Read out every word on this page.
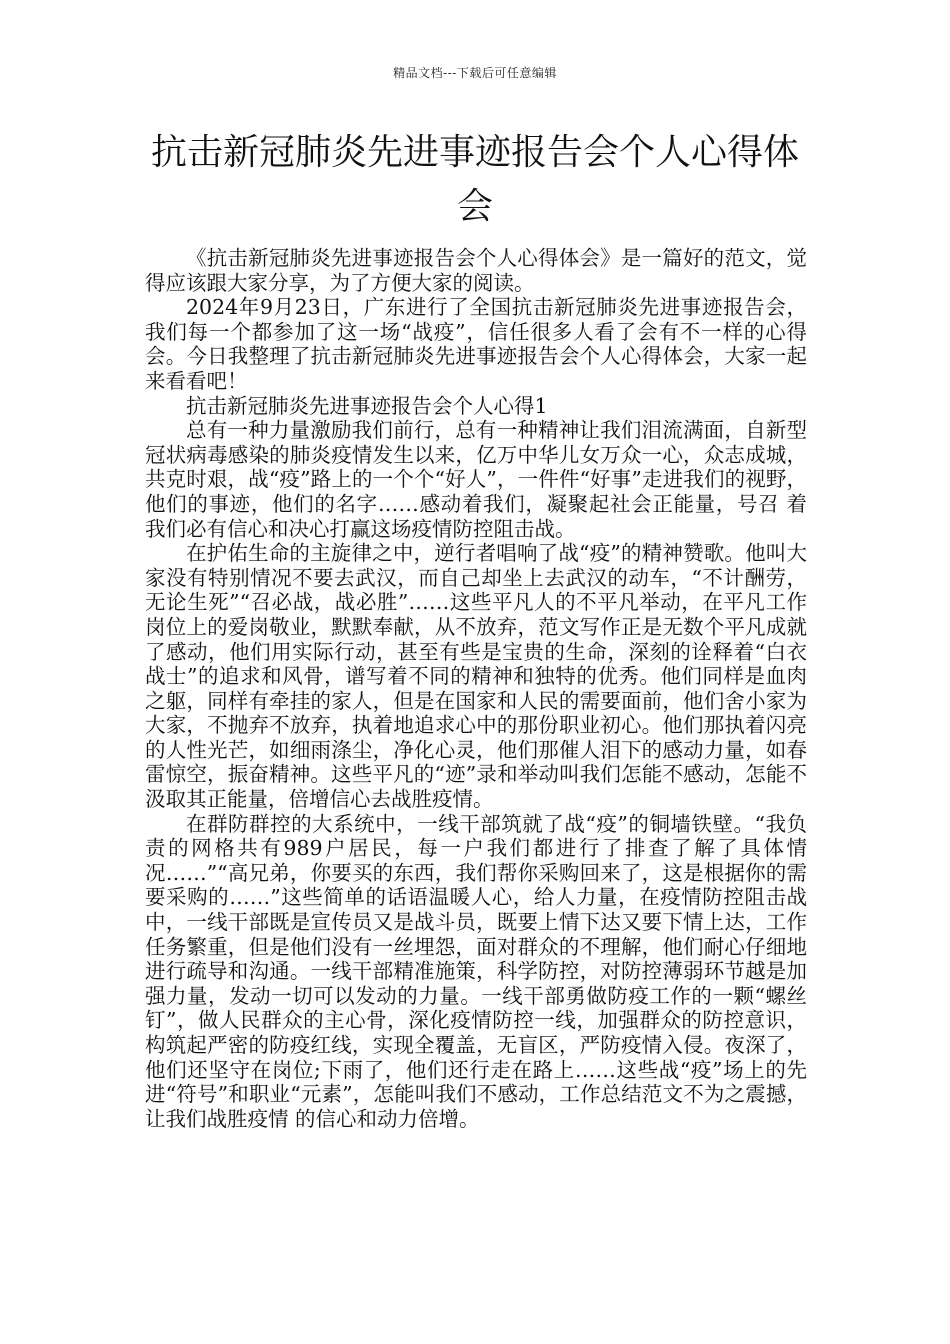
精品文档---下载后可任意编辑
抗击新冠肺炎先进事迹报告会个人心得体会

《抗击新冠肺炎先进事迹报告会个人心得体会》是一篇好的范文，觉得应该跟大家分享，为了方便大家的阅读。

2024年9月23日，广东进行了全国抗击新冠肺炎先进事迹报告会，我们每一个都参加了这一场“战疫”，信任很多人看了会有不一样的心得会。今日我整理了抗击新冠肺炎先进事迹报告会个人心得体会，大家一起来看看吧！

抗击新冠肺炎先进事迹报告会个人心得1

总有一种力量激励我们前行，总有一种精神让我们泪流满面，自新型冠状病毒感染的肺炎疫情发生以来，亿万中华儿女万众一心，众志成城，共克时艰，战“疫”路上的一个个“好人”，一件件“好事”走进我们的视野，他们的事迹，他们的名字……感动着我们，凝聚起社会正能量，号召 着我们必有信心和决心打赢这场疫情防控阻击战。

在护佑生命的主旋律之中，逆行者唱响了战“疫”的精神赞歌。他叫大家没有特别情况不要去武汉，而自己却坐上去武汉的动车，“不计酬劳，无论生死”“召必战，战必胜”……这些平凡人的不平凡举动，在平凡工作岗位上的爱岗敬业，默默奉献，从不放弃，范文写作正是无数个平凡成就了感动，他们用实际行动，甚至有些是宝贵的生命，深刻的诠释着“白衣战士”的追求和风骨，谱写着不同的精神和独特的优秀。他们同样是血肉之躯，同样有牵挂的家人，但是在国家和人民的需要面前，他们舍小家为大家，不抛弃不放弃，执着地追求心中的那份职业初心。他们那执着闪亮的人性光芒，如细雨涤尘，净化心灵，他们那催人泪下的感动力量，如春雷惊空，振奋精神。这些平凡的“迹”录和举动叫我们怎能不感动，怎能不汲取其正能量，倍增信心去战胜疫情。

在群防群控的大系统中，一线干部筑就了战“疫”的铜墙铁壁。“我负责的网格共有989户居民，每一户我们都进行了排查了解了具体情况……”“高兄弟，你要买的东西，我们帮你采购回来了，这是根据你的需要采购的……”这些简单的话语温暖人心，给人力量，在疫情防控阻击战中，一线干部既是宣传员又是战斗员，既要上情下达又要下情上达，工作任务繁重，但是他们没有一丝埋怨，面对群众的不理解，他们耐心仔细地进行疏导和沟通。一线干部精准施策，科学防控，对防控薄弱环节越是加强力量，发动一切可以发动的力量。一线干部勇做防疫工作的一颗“螺丝钉”，做人民群众的主心骨，深化疫情防控一线，加强群众的防控意识，构筑起严密的防疫红线，实现全覆盖，无盲区，严防疫情入侵。夜深了，他们还坚守在岗位;下雨了，他们还行走在路上……这些战“疫”场上的先进“符号”和职业“元素”，怎能叫我们不感动，工作总结范文不为之震撼，让我们战胜疫情 的信心和动力倍增。
